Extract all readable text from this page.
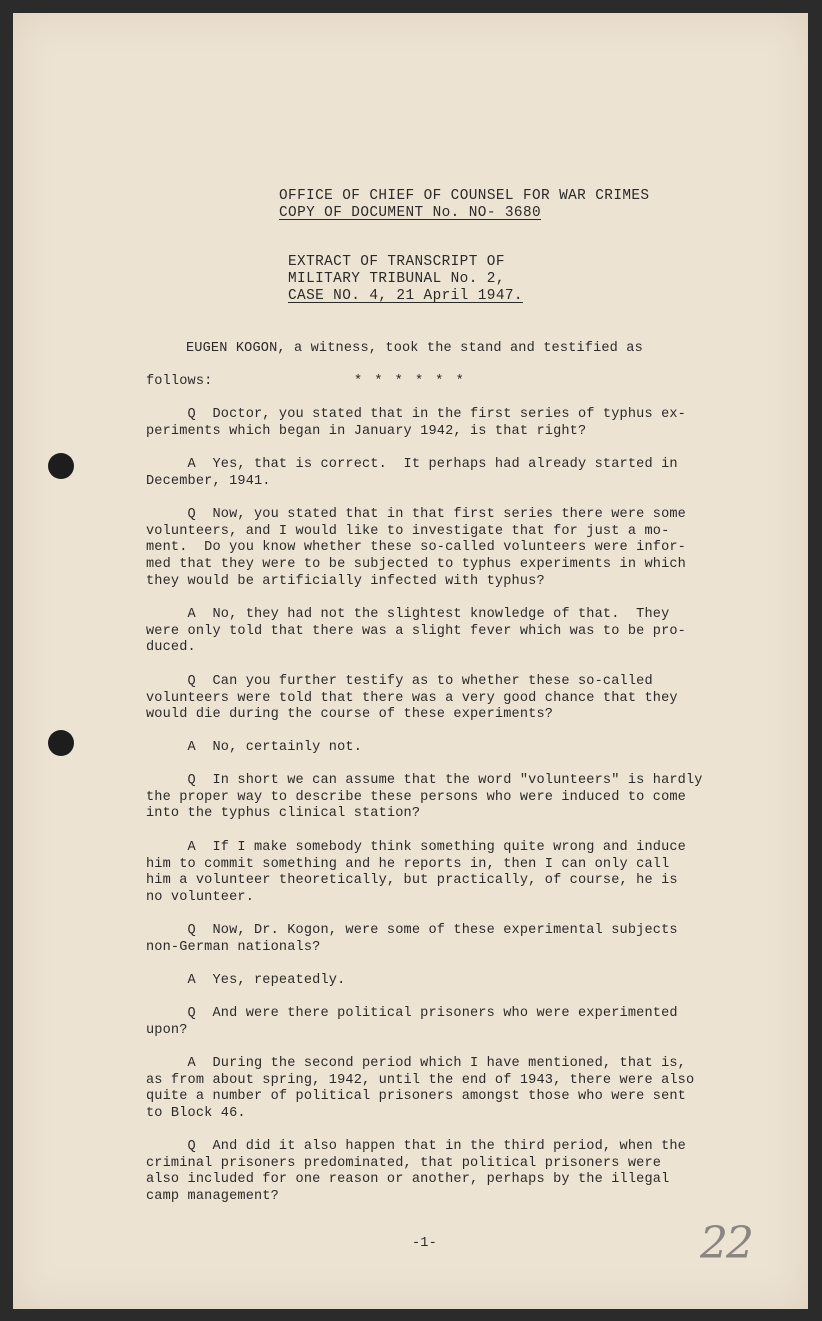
OFFICE OF CHIEF OF COUNSEL FOR WAR CRIMES
COPY OF DOCUMENT No. NO- 3680
EXTRACT OF TRANSCRIPT OF
MILITARY TRIBUNAL No. 2,
CASE NO. 4, 21 April 1947.
EUGEN KOGON, a witness, took the stand and testified as
follows:	* * * * * *
Q  Doctor, you stated that in the first series of typhus ex-
periments which began in January 1942, is that right?
A  Yes, that is correct.  It perhaps had already started in
December, 1941.
Q  Now, you stated that in that first series there were some
volunteers, and I would like to investigate that for just a mo-
ment.  Do you know whether these so-called volunteers were infor-
med that they were to be subjected to typhus experiments in which
they would be artificially infected with typhus?
A  No, they had not the slightest knowledge of that.  They
were only told that there was a slight fever which was to be pro-
duced.
Q  Can you further testify as to whether these so-called
volunteers were told that there was a very good chance that they
would die during the course of these experiments?
A  No, certainly not.
Q  In short we can assume that the word "volunteers" is hardly
the proper way to describe these persons who were induced to come
into the typhus clinical station?
A  If I make somebody think something quite wrong and induce
him to commit something and he reports in, then I can only call
him a volunteer theoretically, but practically, of course, he is
no volunteer.
Q  Now, Dr. Kogon, were some of these experimental subjects
non-German nationals?
A  Yes, repeatedly.
Q  And were there political prisoners who were experimented
upon?
A  During the second period which I have mentioned, that is,
as from about spring, 1942, until the end of 1943, there were also
quite a number of political prisoners amongst those who were sent
to Block 46.
Q  And did it also happen that in the third period, when the
criminal prisoners predominated, that political prisoners were
also included for one reason or another, perhaps by the illegal
camp management?
-1-	22
